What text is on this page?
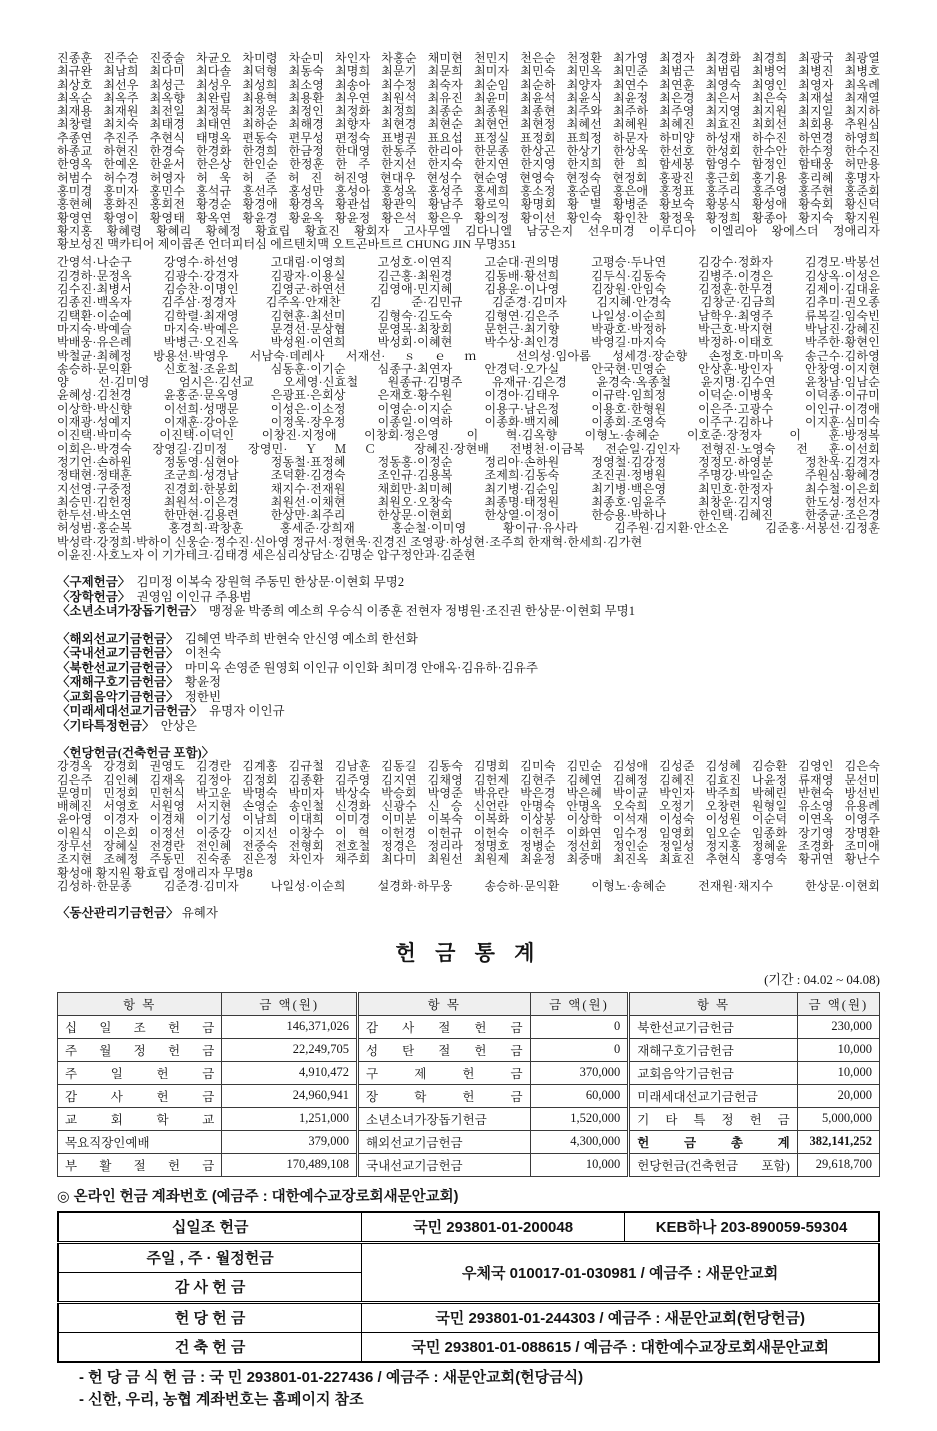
진종훈 진주순 진중술 차균오 차미령 차순미 차인자 차홍순 채미현 천민지 천은순 천정환 최가영 최경자 최경화 최경희 최광국 최광열
최규완 최남희 최다미 최다솔 최덕형 최동숙 최명희 최문기 최문희 최미자 최민숙 최민옥 최민준 최범근 최범림 최병억 최병진 최병호
최상호 최선우 최성근 최성우 최성희 최소영 최송아 최수정 최숙자 최순임 최순하 최양자 최연수 최연훈 최영숙 최영인 최영자 최옥례
최옥순 최옥주 최옥향 최완립 최용혁 최용환 최우연 최원석 최유진 최윤미 최윤석 최윤식 최윤정 최은경 최은서 최은숙 최재설 최재열
최재용 최재원 최전일 최정묵 최정운 최정인 최정화 최정희 최종순 최종원 최종현 최주와 최주하 최주영 최지영 최지원 최지일 최지하
최창렬 최치숙 최태경 최태연 최하순 최해경 최향자 최현경 최현순 최현언 최현정 최혜선 최혜원 최혜진 최효진 최회선 최회용 추원심
추종연 추진주 추현식 태명옥 편동숙 편무성 편정숙 표병권 표요섭 표정실 표정회 표희정 하문자 하미양 하성재 하수진 하연경 하영희
하종교 하현진 한경숙 한경화 한경희 한금정 한대영 한동주 한리아 한문종 한상곤 한상기 한상욱 한선호 한성회 한수안 한수정 한수진
한영옥 한예온 한윤서 한은상 한인순 한정훈 한 주 한지선 한지숙 한지연 한지영 한지희 한 희 함세봉 함영수 함정인 함태웅 허만용
허범수 허수경 허영자 허 욱 허 준 허 진 허진영 현대우 현성수 현순영 현영숙 현정숙 현정회 홍광진 홍근회 홍기용 홍리혜 홍명자
홍미경 홍미자 홍민수 홍석규 홍선주 홍성만 홍성아 홍성옥 홍성주 홍세희 홍소정 홍순림 홍은애 홍정표 홍주리 홍주영 홍주현 홍준회
홍현혜 홍화진 홍회전 황경순 황경애 황경옥 황관섭 황관익 황남주 황로익 황명회 황 별 황병준 황보숙 황봉식 황성애 황숙회 황신덕
황영연 황영이 황영태 황옥연 황윤경 황윤옥 황윤정 황은석 황은우 황의정 황이선 황인숙 황인찬 황정욱 황정희 황종아 황지숙 황지원
황지홍 황혜령 황혜리 황혜정 황효립 황효진 황회자 고사무엘 김다니엘 남궁은지 선우미경 이루디아 이엘리아 왕에스더 정애리자
황보성진 맥카티어 제이콥존 언더피터심 에르텐치맥 오트곤바트르 CHUNG JIN 무명351
간영석·나순구 강영수·하선영 고대림·이영희 고성호·이연직 고순대·권의명 고평승·두나연 김강수·정화자 김경모·박봉선
김경하·문정옥 김광수·강경자 김광자·이용실 김근홍·최원경 김동배·황선희 김두식·김동숙 김병주·이경은 김상옥·이성은
김수진·최병서 김승찬·이명인 김영군·하연선 김영애·민지혜 김용운·이나영 김장원·안임숙 김정훈·한무경 김제이·김대윤
김종진·백옥자 김주삼·정경자 김주옥·안재찬 김 준·김민규 김준경·김미자 김지혜·안경숙 김창군·김금희 김추미·권오종
김택환·이순예 김학렬·최재영 김현훈·최선미 김형숙·김도숙 김형연·김은주 나일성·이순희 남학우·최영주 류복길·임숙빈
마지숙·박예슬 마지숙·박예은 문경선·문상협 문영목·최창회 문헌근·최기향 박광호·박정하 박근호·박지현 박남진·강혜진
박배웅·유은례 박병근·오진옥 박성원·이연희 박성회·이혜현 박수상·최인경 박영길·마지숙 박정하·이태호 박주한·황현인
박철균·최혜정 방용선·박영우 서남숙·데레사 서재선·ｓｅｍ 선의성·임아롬 성세경·장순향 손정호·마미옥 송근수·김하영
송승하·문익환 신호철·조윤희 심동훈·이기순 심종구·최연자 안경덕·오가실 안국현·민영순 안상훈·방인자 안창영·이지현
양 선·김미영 엄시은·김선교 오세영·신효철 원종규·김명주 유재규·김은경 윤경숙·옥종철 윤지명·김수연 윤창남·임남순
윤혜성·김천경 윤홍준·문옥영 은광표·은회상 은재호·황수원 이경아·김태우 이규락·임희정 이덕순·이병욱 이덕종·이규미
이상학·박신향 이선희·성맹문 이성은·이소정 이영순·이지순 이용구·남은정 이용호·한형원 이은주·고광수 이인규·이경애
이재광·성예지 이재훈·강아운 이정욱·장우정 이종일·이역하 이종화·백지혜 이종회·조영숙 이주구·김하나 이지훈·심미숙
이진택·박미숙 이진택·이덕인 이창진·지정애 이창회·정은영 이 혁·김옥향 이형노·송혜순 이호준·장정자 이 훈·방정복
이회은·박경숙 장영길·김미정 장영민·ＹＭＣ 장혜진·장현배 전병천·이금복 전순일·김인자 전형진·노영숙 전 훈·이선회
정기언·손하원 정동영·심현아 정동철·표정혜 정동홍·이정순 정리아·손하원 정영철·김강정 정정모·하영분 정찬욱·김경자
정태현·정태훈 조군희·성경남 조덕환·김경숙 조인규·김용복 조제희·김동숙 조진권·정병원 주명강·박일순 주원심·황혜경
지선영·구중정 진경회·한봉회 채지수·전재원 채회만·최미혜 최기병·김순임 최기병·백은영 최민호·한정자 최수철·이은회
최승민·김헌정 최원석·이은경 최원선·이채현 최원오·오창숙 최종명·태정원 최종호·임윤주 최창운·김지영 한도성·정선자
한두선·박소연 한만현·김용련 한상만·최주리 한상문·이현회 한상열·이정이 한승용·박하나 한인택·김혜진 한중균·조은경
허성범·홍순복 홍경희·곽창훈 홍세준·강희재 홍순철·이미영 황이규·유사라 김주원·김지환·안소온 김준홍·서봉선·김정훈
박성락·강정희·박하이 신웅순·정수진·신아영 정규서·정현욱·진경진 조영광·하성현·조주희 한재혁·한세희·김가현
이윤진·사호노자 이 기가테크·김태경 세은심리상담소·김명순 압구정안과·김준현
〈구제헌금〉  김미정 이복숙 장원혁 주동민 한상문·이현회 무명2
〈장학헌금〉  권영임 이인규 주용범
〈소년소녀가장돕기헌금〉  맹정윤 박종희 예소희 우승식 이종훈 전현자 정병원·조진권 한상문·이현회 무명1
〈해외선교기금헌금〉  김혜연 박주희 반현숙 안신영 예소희 한선화
〈국내선교기금헌금〉  이천숙
〈북한선교기금헌금〉  마미옥 손영준 원영회 이인규 이인화 최미경 안애옥·김유하·김유주
〈재해구호기금헌금〉  황윤정
〈교회음악기금헌금〉  정한빈
〈미래세대선교기금헌금〉  유명자 이인규
〈기타특정헌금〉  안상은
〈헌당헌금(건축헌금 포함)〉
강경옥 강경회 권영도 김경란 김계홍 김규철 김남훈 김동길 김동숙 김명회 김미숙 김민순 김성애 김성준 김성혜 김승환 김영인 김은숙
김은주 김인혜 김재옥 김정아 김정회 김종환 김주영 김지연 김채영 김헌제 김현주 김혜연 김혜정 김혜진 김효진 나윤정 류재영 문선미
문영미 민정회 민헌식 박고운 박명숙 박미자 박상숙 박승회 박영준 박유란 박은경 박은혜 박이균 박인자 박주희 박혜린 반현숙 방선빈
배혜진 서영호 서원영 서지현 손영순 송인철 신경화 신광수 신 승 신언란 안명숙 안명옥 오숙희 오정기 오창련 원형일 유소영 유용례
윤아영 이경자 이경채 이기성 이남희 이대희 이미경 이미분 이복숙 이복화 이상봉 이상학 이석재 이성숙 이성원 이순덕 이연옥 이영주
이원식 이은회 이정선 이중강 이지선 이창수 이 혁 이헌경 이헌규 이헌숙 이헌주 이화연 임수정 임영회 임오순 임종화 장기영 장명환
장무선 장혜실 전경란 전인혜 전중숙 전형회 전호철 정경은 정리라 정명호 정병순 정선회 정인순 정일성 정지홍 정혜윤 조경화 조미애
조지현 조혜정 주동민 진숙종 진은정 차인자 채주회 최다미 최원선 최원제 최윤정 최중매 최진옥 최효진 추현식 홍영숙 황귀연 황난수
황성애 황지원 황효립 정애리자 무명8
김성하·한문종 김준경·김미자 나일성·이순희 설경화·하무웅 송승하·문익환 이형노·송혜순 전재원·채지수 한상문·이현회
〈동산관리기금헌금〉 유혜자
헌 금 통 계
(기간 : 04.02 ~ 04.08)
항 목	금 액(원)	항 목	금 액(원)	항 목	금 액(원)
십 일 조 헌 금	146,371,026	감 사 절 헌 금	0	북한선교기금헌금	230,000
주 월 정 헌 금	22,249,705	성 탄 절 헌 금	0	재해구호기금헌금	10,000
주 일 헌 금	4,910,472	구 제 헌 금	370,000	교회음악기금헌금	10,000
감 사 헌 금	24,960,941	장 학 헌 금	60,000	미래세대선교기금헌금	20,000
교 회 학 교	1,251,000	소년소녀가장돕기헌금	1,520,000	기 타 특 정 헌 금	5,000,000
목요직장인예배	379,000	해외선교기금헌금	4,300,000	헌 금 총 계	382,141,252
부 활 절 헌 금	170,489,108	국내선교기금헌금	10,000	헌당헌금(건축헌금 포함)	29,618,700
◎ 온라인 헌금 계좌번호 (예금주 : 대한예수교장로회새문안교회)
십일조 헌금	국민 293801-01-200048	KEB하나 203-890059-59304
주일 , 주 · 월정헌금	우체국 010017-01-030981 / 예금주 : 새문안교회	
감 사 헌 금		
헌 당 헌 금	국민 293801-01-244303 / 예금주 : 새문안교회(헌당헌금)	
건 축 헌 금	국민 293801-01-088615 / 예금주 : 대한예수교장로회새문안교회	
- 헌 당 금 식 헌 금 : 국 민 293801-01-227436 / 예금주 : 새문안교회(헌당금식)
- 신한, 우리, 농협 계좌번호는 홈페이지 참조
